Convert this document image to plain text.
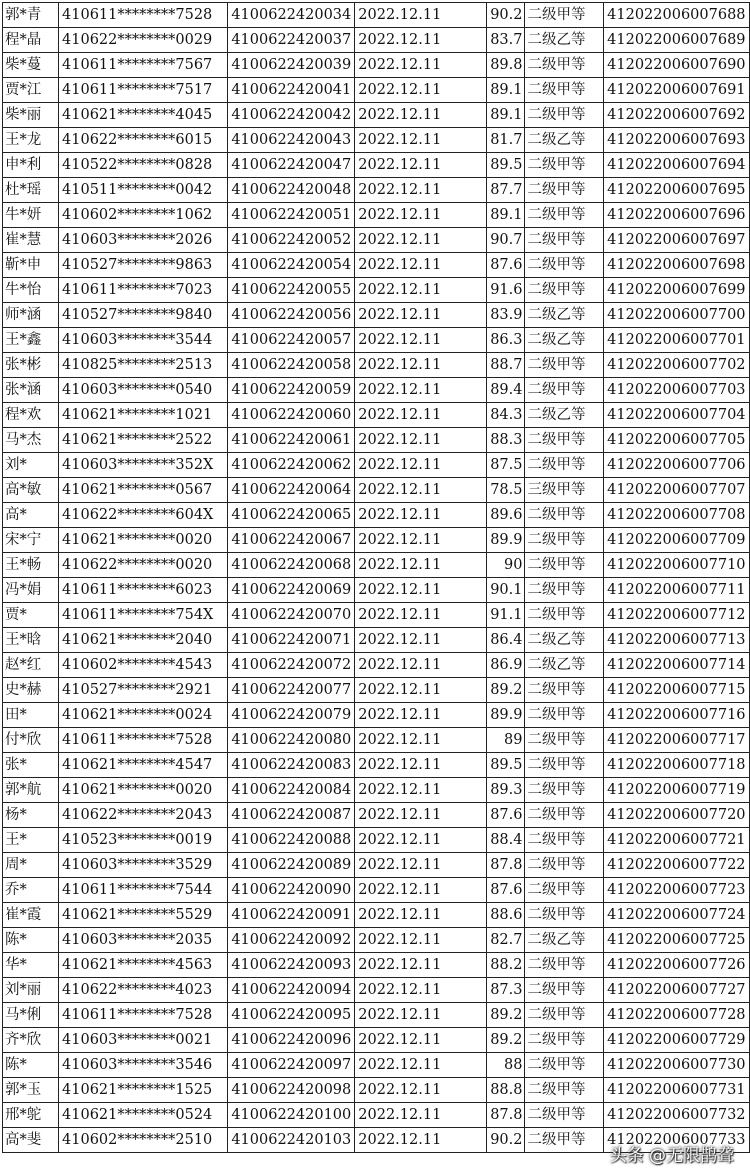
郭*青	410611********7528	4100622420034	2022.12.11	90.2	二级甲等	412022006007688
程*晶	410622********0029	4100622420037	2022.12.11	83.7	二级乙等	412022006007689
柴*蔓	410611********7567	4100622420039	2022.12.11	89.8	二级甲等	412022006007690
贾*江	410611********7517	4100622420041	2022.12.11	89.1	二级甲等	412022006007691
柴*丽	410621********4045	4100622420042	2022.12.11	89.1	二级甲等	412022006007692
王*龙	410622********6015	4100622420043	2022.12.11	81.7	二级乙等	412022006007693
申*利	410522********0828	4100622420047	2022.12.11	89.5	二级甲等	412022006007694
杜*瑶	410511********0042	4100622420048	2022.12.11	87.7	二级甲等	412022006007695
牛*妍	410602********1062	4100622420051	2022.12.11	89.1	二级甲等	412022006007696
崔*慧	410603********2026	4100622420052	2022.12.11	90.7	二级甲等	412022006007697
靳*申	410527********9863	4100622420054	2022.12.11	87.6	二级甲等	412022006007698
牛*怡	410611********7023	4100622420055	2022.12.11	91.6	二级甲等	412022006007699
师*涵	410527********9840	4100622420056	2022.12.11	83.9	二级乙等	412022006007700
王*鑫	410603********3544	4100622420057	2022.12.11	86.3	二级乙等	412022006007701
张*彬	410825********2513	4100622420058	2022.12.11	88.7	二级甲等	412022006007702
张*涵	410603********0540	4100622420059	2022.12.11	89.4	二级甲等	412022006007703
程*欢	410621********1021	4100622420060	2022.12.11	84.3	二级乙等	412022006007704
马*杰	410621********2522	4100622420061	2022.12.11	88.3	二级甲等	412022006007705
刘*	410603********352X	4100622420062	2022.12.11	87.5	二级甲等	412022006007706
高*敏	410621********0567	4100622420064	2022.12.11	78.5	三级甲等	412022006007707
高*	410622********604X	4100622420065	2022.12.11	89.6	二级甲等	412022006007708
宋*宁	410621********0020	4100622420067	2022.12.11	89.9	二级甲等	412022006007709
王*畅	410622********0020	4100622420068	2022.12.11	90	二级甲等	412022006007710
冯*娟	410611********6023	4100622420069	2022.12.11	90.1	二级甲等	412022006007711
贾*	410611********754X	4100622420070	2022.12.11	91.1	二级甲等	412022006007712
王*晗	410621********2040	4100622420071	2022.12.11	86.4	二级乙等	412022006007713
赵*红	410602********4543	4100622420072	2022.12.11	86.9	二级乙等	412022006007714
史*赫	410527********2921	4100622420077	2022.12.11	89.2	二级甲等	412022006007715
田*	410621********0024	4100622420079	2022.12.11	89.9	二级甲等	412022006007716
付*欣	410611********7528	4100622420080	2022.12.11	89	二级甲等	412022006007717
张*	410621********4547	4100622420083	2022.12.11	89.5	二级甲等	412022006007718
郭*航	410621********0020	4100622420084	2022.12.11	89.3	二级甲等	412022006007719
杨*	410622********2043	4100622420087	2022.12.11	87.6	二级甲等	412022006007720
王*	410523********0019	4100622420088	2022.12.11	88.4	二级甲等	412022006007721
周*	410603********3529	4100622420089	2022.12.11	87.8	二级甲等	412022006007722
乔*	410611********7544	4100622420090	2022.12.11	87.6	二级甲等	412022006007723
崔*霞	410621********5529	4100622420091	2022.12.11	88.6	二级甲等	412022006007724
陈*	410603********2035	4100622420092	2022.12.11	82.7	二级乙等	412022006007725
华*	410621********4563	4100622420093	2022.12.11	88.2	二级甲等	412022006007726
刘*丽	410622********4023	4100622420094	2022.12.11	87.3	二级甲等	412022006007727
马*俐	410611********7528	4100622420095	2022.12.11	89.2	二级甲等	412022006007728
齐*欣	410603********0021	4100622420096	2022.12.11	89.2	二级甲等	412022006007729
陈*	410603********3546	4100622420097	2022.12.11	88	二级甲等	412022006007730
郭*玉	410621********1525	4100622420098	2022.12.11	88.8	二级甲等	412022006007731
邢*鸵	410621********0524	4100622420100	2022.12.11	87.8	二级甲等	412022006007732
高*斐	410602********2510	4100622420103	2022.12.11	90.2	二级甲等	412022006007733
头条 @无限鹊聋
